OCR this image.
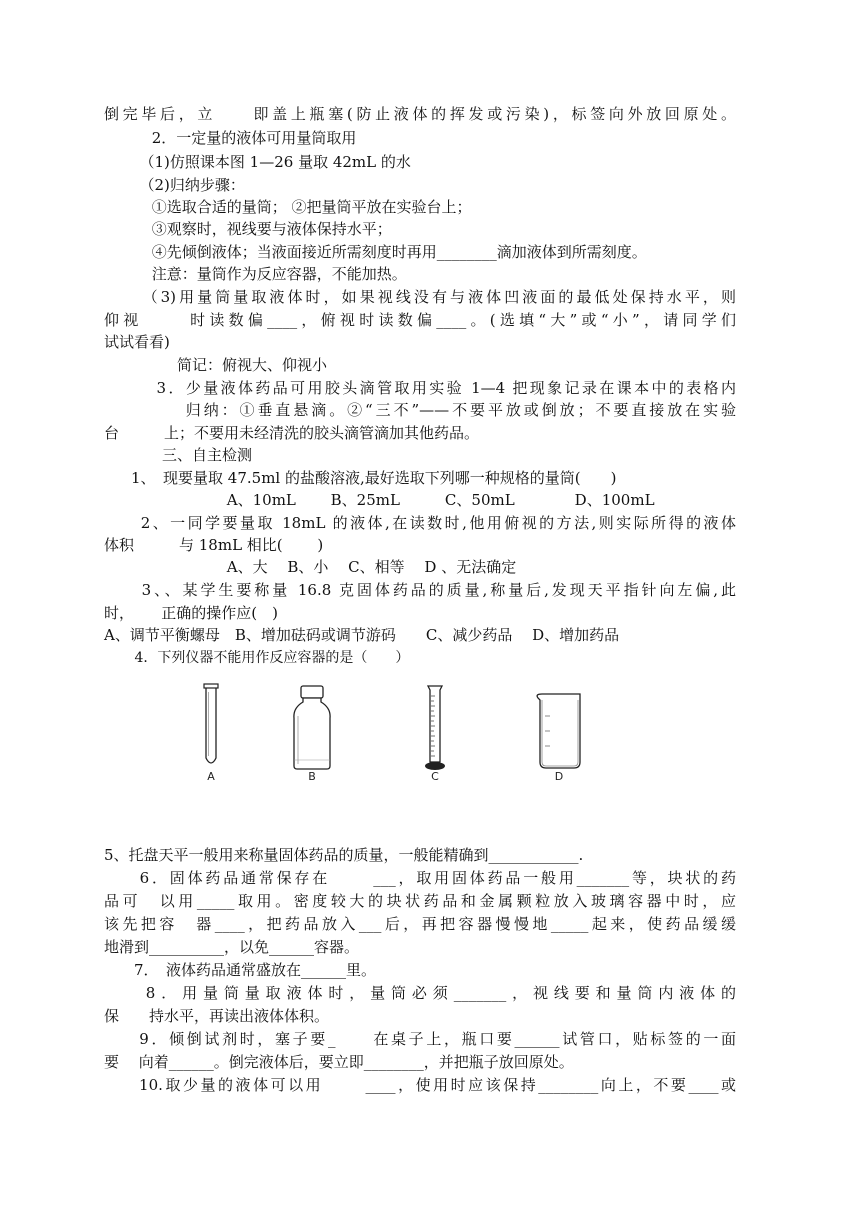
倒完毕后，立　　即盖上瓶塞(防止液体的挥发或污染)，标签向外放回原处。
　 2．一定量的液体可用量筒取用
　（1)仿照课本图 1—26 量取 42mL 的水
　（2)归纳步骤：
　 ①选取合适的量筒； ②把量筒平放在实验台上；
　 ③观察时，视线要与液体保持水平；
　 ④先倾倒液体；当液面接近所需刻度时再用________滴加液体到所需刻度。
　 注意：量筒作为反应容器，不能加热。
　（3)用量筒量取液体时，如果视线没有与液体凹液面的最低处保持水平，则
仰视　　 时读数偏____，俯视时读数偏____。(选填“大”或“小”，请同学们
试试看看)
　　　简记：俯视大、仰视小
　 3．少量液体药品可用胶头滴管取用实验 1—4 把现象记录在课本中的表格内
　　　归纳：①垂直悬滴。②“三不”——不要平放或倒放；不要直接放在实验
台　　　上；不要用未经清洗的胶头滴管滴加其他药品。
　　三、自主检测
　1、　现要量取 47.5ml 的盐酸溶液,最好选取下列哪一种规格的量筒(　　)
　　　　　　 A、10mL　　 B、25mL　　　C、50mL　　　　D、100mL
　 2、一同学要量取 18mL 的液体,在读数时,他用俯视的方法,则实际所得的液体
体积　　　与 18mL 相比(　　 )
　　　　　　 A、大　 B、小　 C、相等　 D 、无法确定
　 3、、某学生要称量 16.8 克固体药品的质量,称量后,发现天平指针向左偏,此
时，　　 正确的操作应(　)
A、调节平衡螺母　B、增加砝码或调节游码　　C、减少药品　 D、增加药品
　 4．下列仪器不能用作反应容器的是（　　）
A	B	C	D
5、托盘天平一般用来称量固体药品的质量，一般能精确到____________.
　　6．固体药品通常保存在　　 ___，取用固体药品一般用_______等，块状的药
品可　以用_____取用。密度较大的块状药品和金属颗粒放入玻璃容器中时，应
该先把容　器____，把药品放入___后，再把容器慢慢地_____起来，使药品缓缓
地滑到__________，以免______容器。
　　7．　液体药品通常盛放在______里。
　　8．用量筒量取液体时，量筒必须_______，视线要和量筒内液体的
保　　持水平，再读出液体体积。
　　9．倾倒试剂时，塞子要_　　在桌子上，瓶口要______试管口，贴标签的一面
要　 向着______。倒完液体后，要立即________，并把瓶子放回原处。
　　10.取少量的液体可以用　　 ____，使用时应该保持________向上，不要____或
